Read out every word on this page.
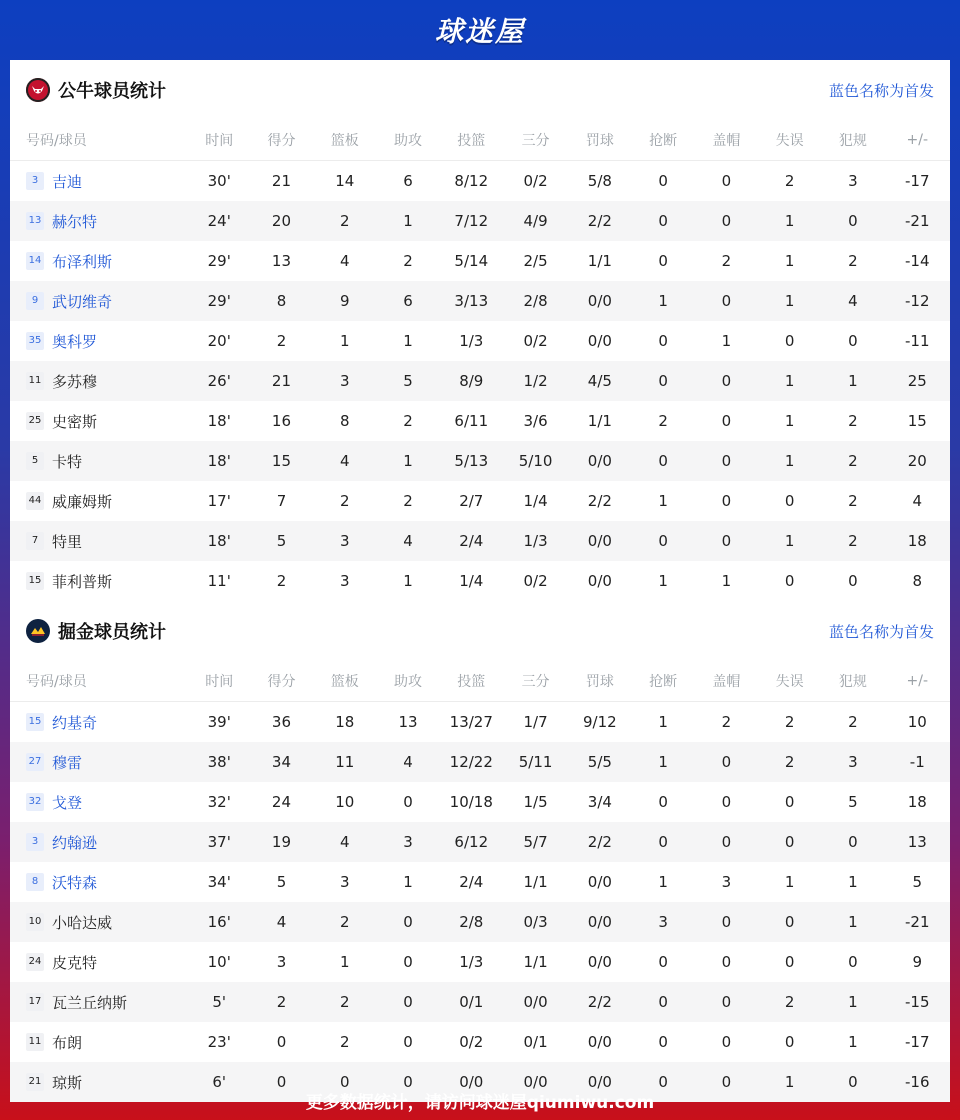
球迷屋
公牛球员统计	蓝色名称为首发
号码/球员	时间	得分	篮板	助攻	投篮	三分	罚球	抢断	盖帽	失误	犯规	+/-
3 吉迪	30'	21	14	6	8/12	0/2	5/8	0	0	2	3	-17
13 赫尔特	24'	20	2	1	7/12	4/9	2/2	0	0	1	0	-21
14 布泽利斯	29'	13	4	2	5/14	2/5	1/1	0	2	1	2	-14
9 武切维奇	29'	8	9	6	3/13	2/8	0/0	1	0	1	4	-12
35 奥科罗	20'	2	1	1	1/3	0/2	0/0	0	1	0	0	-11
11 多苏穆	26'	21	3	5	8/9	1/2	4/5	0	0	1	1	25
25 史密斯	18'	16	8	2	6/11	3/6	1/1	2	0	1	2	15
5 卡特	18'	15	4	1	5/13	5/10	0/0	0	0	1	2	20
44 威廉姆斯	17'	7	2	2	2/7	1/4	2/2	1	0	0	2	4
7 特里	18'	5	3	4	2/4	1/3	0/0	0	0	1	2	18
15 菲利普斯	11'	2	3	1	1/4	0/2	0/0	1	1	0	0	8
掘金球员统计	蓝色名称为首发
号码/球员	时间	得分	篮板	助攻	投篮	三分	罚球	抢断	盖帽	失误	犯规	+/-
15 约基奇	39'	36	18	13	13/27	1/7	9/12	1	2	2	2	10
27 穆雷	38'	34	11	4	12/22	5/11	5/5	1	0	2	3	-1
32 戈登	32'	24	10	0	10/18	1/5	3/4	0	0	0	5	18
3 约翰逊	37'	19	4	3	6/12	5/7	2/2	0	0	0	0	13
8 沃特森	34'	5	3	1	2/4	1/1	0/0	1	3	1	1	5
10 小哈达威	16'	4	2	0	2/8	0/3	0/0	3	0	0	1	-21
24 皮克特	10'	3	1	0	1/3	1/1	0/0	0	0	0	0	9
17 瓦兰丘纳斯	5'	2	2	0	0/1	0/0	2/2	0	0	2	1	-15
11 布朗	23'	0	2	0	0/2	0/1	0/0	0	0	0	1	-17
21 琼斯	6'	0	0	0	0/0	0/0	0/0	0	0	1	0	-16
更多数据统计，请访问球迷屋qiumiwu.com
